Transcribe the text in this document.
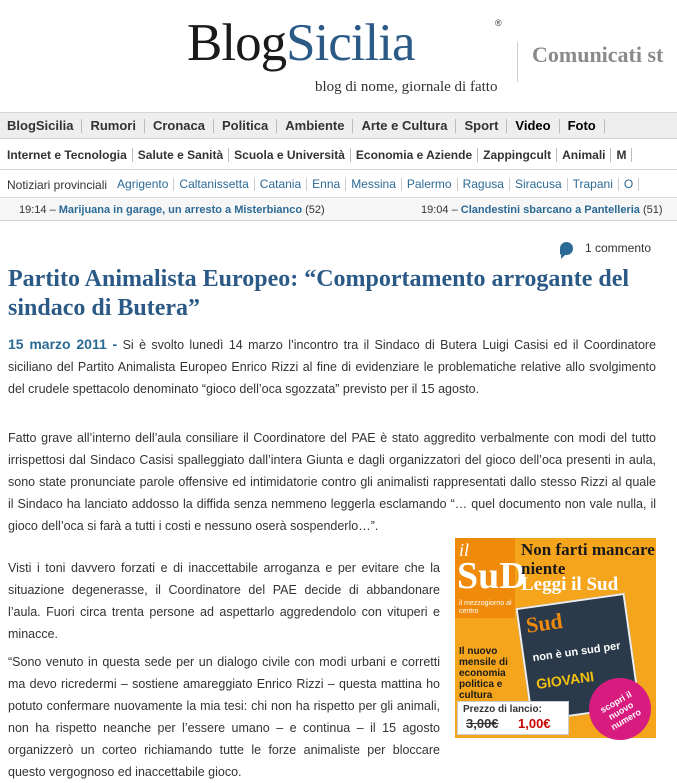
BlogSicilia	®
blog di nome, giornale di fatto
Comunicati st
BlogSicilia	Rumori	Cronaca	Politica	Ambiente	Arte e Cultura	Sport	Video	Foto
Internet e Tecnologia Salute e Sanità Scuola e Università Economia e Aziende Zappingcult Animali M
Notiziari provinciali Agrigento Caltanissetta Catania Enna Messina Palermo Ragusa Siracusa Trapani O
19:14 – Marijuana in garage, un arresto a Misterbianco (52)	19:04 – Clandestini sbarcano a Pantelleria (51)
1 commento
Partito Animalista Europeo: “Comportamento arrogante del sindaco di Butera”

15 marzo 2011 - Si è svolto lunedì 14 marzo l’incontro tra il Sindaco di Butera Luigi Casisi ed il Coordinatore siciliano del Partito Animalista Europeo Enrico Rizzi al fine di evidenziare le problematiche relative allo svolgimento del crudele spettacolo denominato “gioco dell’oca sgozzata” previsto per il 15 agosto.

Fatto grave all’interno dell’aula consiliare il Coordinatore del PAE è stato aggredito verbalmente con modi del tutto irrispettosi dal Sindaco Casisi spalleggiato dall’intera Giunta e dagli organizzatori del gioco dell’oca presenti in aula, sono state pronunciate parole offensive ed intimidatorie contro gli animalisti rappresentati dallo stesso Rizzi al quale il Sindaco ha lanciato addosso la diffida senza nemmeno leggerla esclamando “… quel documento non vale nulla, il gioco dell’oca si farà a tutti i costi e nessuno oserà sospenderlo…”.

Visti i toni davvero forzati e di inaccettabile arroganza e per evitare che la situazione degenerasse, il Coordinatore del PAE decide di abbandonare l’aula. Fuori circa trenta persone ad aspettarlo aggredendolo con vituperi e minacce.

“Sono venuto in questa sede per un dialogo civile con modi urbani e corretti ma devo ricredermi – sostiene amareggiato Enrico Rizzi – questa mattina ho potuto confermare nuovamente la mia tesi: chi non ha rispetto per gli animali, non ha rispetto neanche per l’essere umano – e continua – il 15 agosto organizzerò un corteo richiamando tutte le forze animaliste per bloccare questo vergognoso ed inaccettabile gioco.

il
SuD
il mezzogiorno al centro
Non farti mancare niente
Leggi il Sud
Sud
non è un sud per
GIOVANI
Il nuovo mensile di economia politica e cultura
Prezzo di lancio:
3,00€ 1,00€
scopri il nuovo numero
